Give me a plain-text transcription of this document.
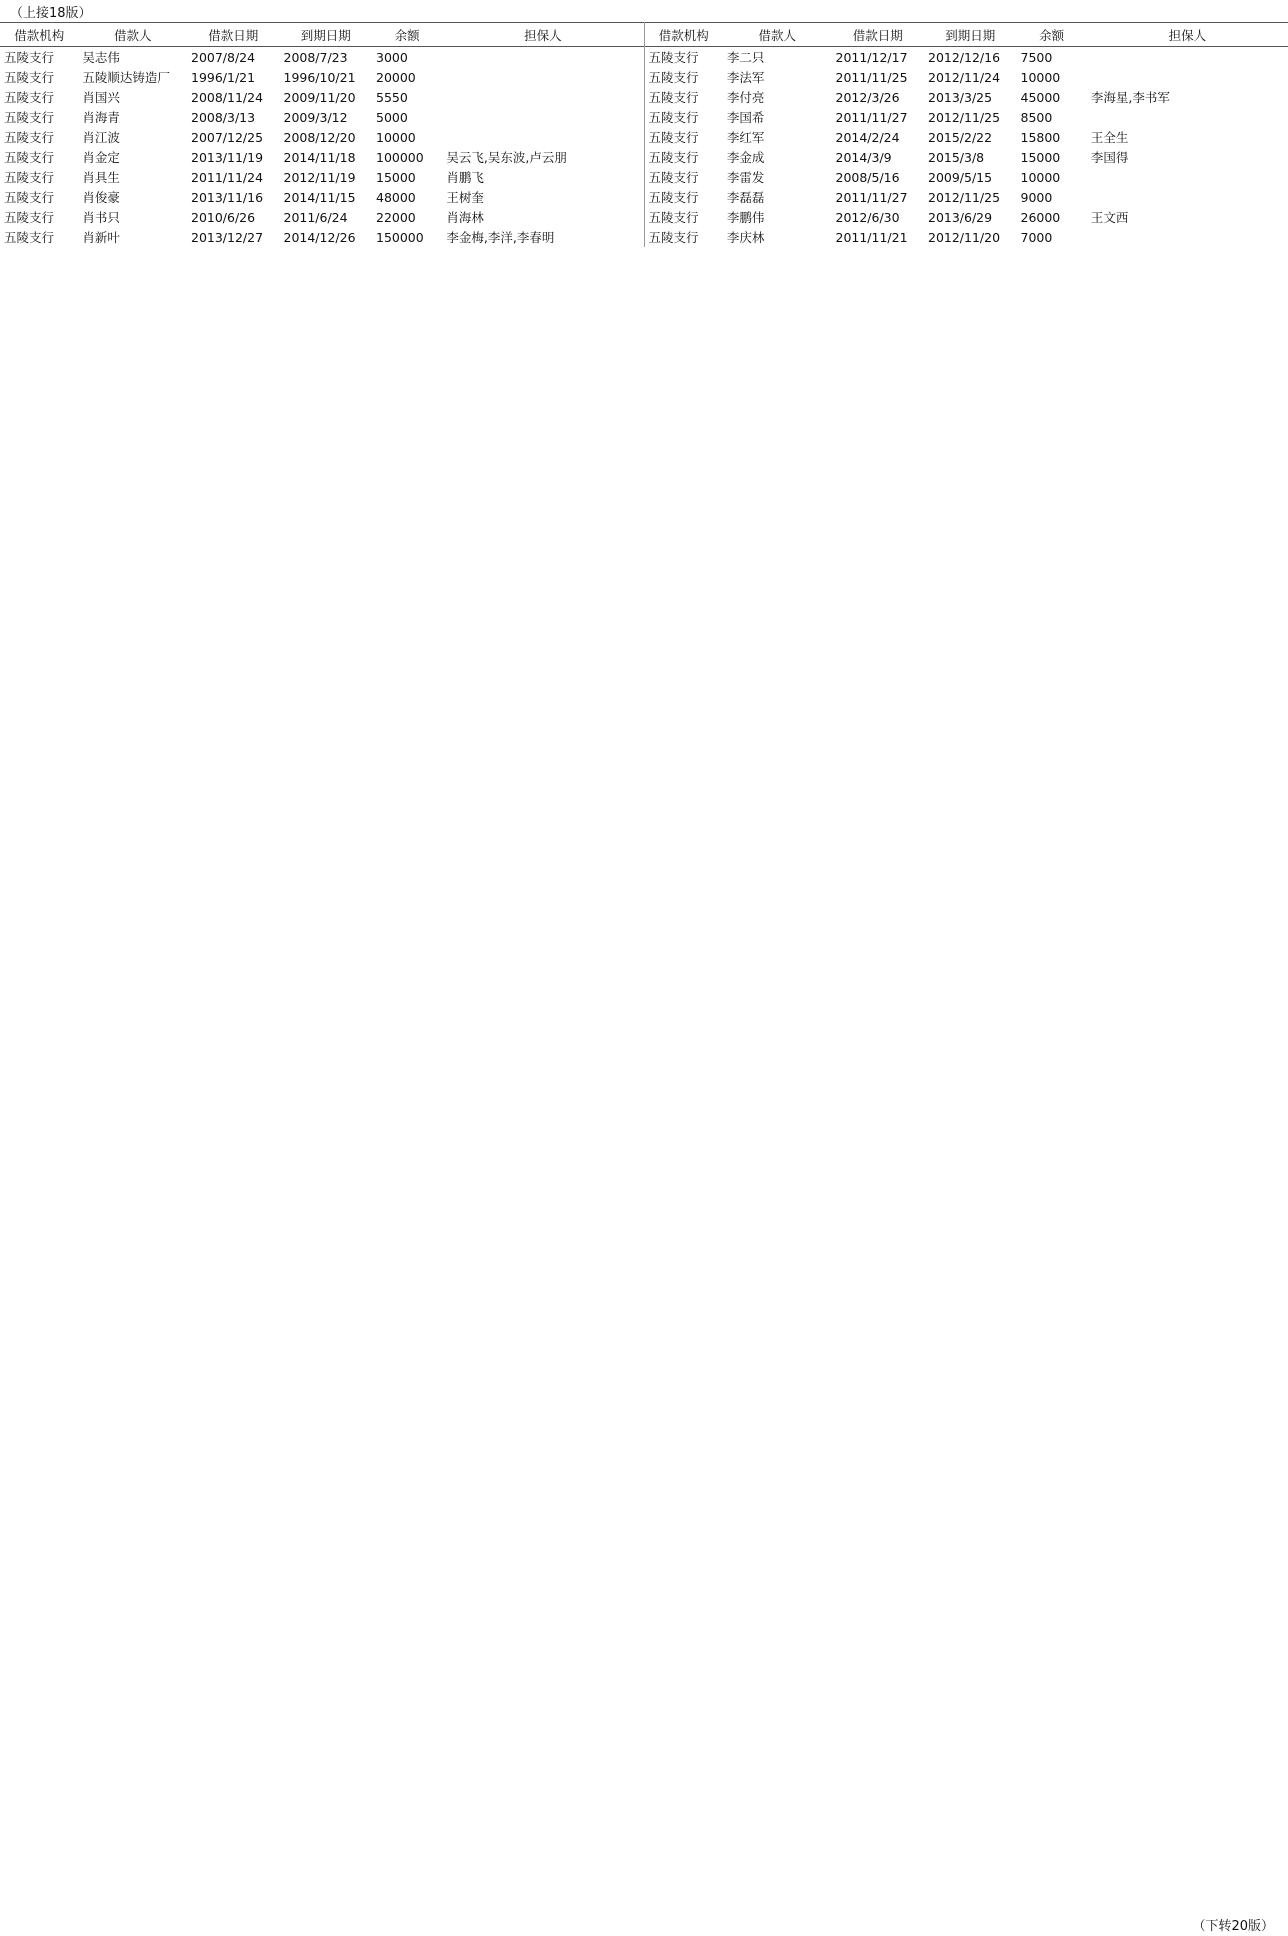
（上接18版）
借款机构	借款人	借款日期	到期日期	余额	担保人
五陵支行	吴志伟	2007/8/24	2008/7/23	3000	
五陵支行	五陵顺达铸造厂	1996/1/21	1996/10/21	20000	
五陵支行	肖国兴	2008/11/24	2009/11/20	5550	
五陵支行	肖海青	2008/3/13	2009/3/12	5000	
五陵支行	肖江波	2007/12/25	2008/12/20	10000	
五陵支行	肖金定	2013/11/19	2014/11/18	100000	吴云飞,吴东波,卢云朋
五陵支行	肖具生	2011/11/24	2012/11/19	15000	肖鹏飞
五陵支行	肖俊豪	2013/11/16	2014/11/15	48000	王树奎
五陵支行	肖书只	2010/6/26	2011/6/24	22000	肖海林
五陵支行	肖新叶	2013/12/27	2014/12/26	150000	李金梅,李洋,李春明
借款机构	借款人	借款日期	到期日期	余额	担保人
五陵支行	李二只	2011/12/17	2012/12/16	7500	
五陵支行	李法军	2011/11/25	2012/11/24	10000	
五陵支行	李付亮	2012/3/26	2013/3/25	45000	李海星,李书军
五陵支行	李国希	2011/11/27	2012/11/25	8500	
五陵支行	李红军	2014/2/24	2015/2/22	15800	王全生
五陵支行	李金成	2014/3/9	2015/3/8	15000	李国得
五陵支行	李雷发	2008/5/16	2009/5/15	10000	
五陵支行	李磊磊	2011/11/27	2012/11/25	9000	
五陵支行	李鹏伟	2012/6/30	2013/6/29	26000	王文西
五陵支行	李庆林	2011/11/21	2012/11/20	7000	
（下转20版）
